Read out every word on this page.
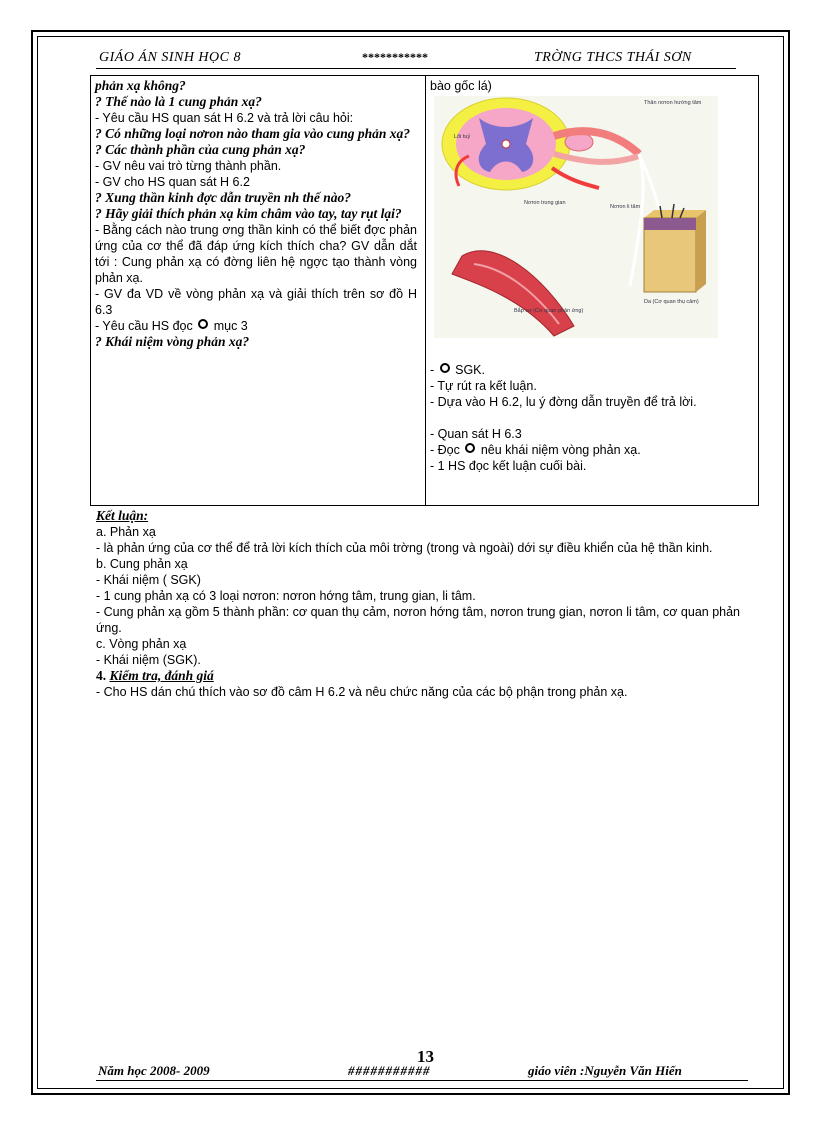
GIÁO ÁN SINH HỌC 8	***********	TRỜNG THCS THÁI SƠN
phản xạ không?
? Thế nào là 1 cung phản xạ?
- Yêu cầu HS quan sát H 6.2 và trả lời câu hỏi:
? Có những loại nơron nào tham gia vào cung phản xạ?
? Các thành phần của cung phản xạ?
- GV nêu vai trò từng thành phần.
- GV cho HS quan sát H 6.2
? Xung thần kinh đợc dẫn truyền nh thế nào?
? Hãy giải thích phản xạ kim châm vào tay, tay rụt lại?
- Bằng cách nào trung ơng thần kinh có thể biết đợc phản ứng của cơ thể đã đáp ứng kích thích cha? GV dẫn dắt tới : Cung phản xạ có đờng liên hệ ngợc tạo thành vòng phản xạ.
- GV đa VD về vòng phản xạ và giải thích trên sơ đồ H 6.3
- Yêu cầu HS đọc mục 3
? Khái niệm vòng phản xạ?
bào gốc lá)
Lõi tuỷ
Thân nơron hướng tâm
Nơron trung gian
Nơron li tâm
Da (Cơ quan thụ cảm)
Bắp cơ (Cơ quan phản ứng)
-  SGK.
- Tự rút ra kết luận.
- Dựa vào H 6.2, lu ý đờng dẫn truyền để trả lời.
- Quan sát H 6.3
- Đọc nêu khái niệm vòng phản xạ.
- 1 HS đọc kết luận cuối bài.
Kết luận:
a. Phản xạ
- là phản ứng của cơ thể để trả lời kích thích của môi trờng (trong và ngoài) dới sự điều khiển của hệ thần kinh.
b. Cung phản xạ
- Khái niệm ( SGK)
- 1 cung phản xạ có 3 loại nơron: nơron hớng tâm, trung gian, li tâm.
- Cung phản xạ gồm 5 thành phần: cơ quan thụ cảm, nơron hớng tâm, nơron trung gian, nơron li tâm, cơ quan phản ứng.
c. Vòng phản xạ
- Khái niệm (SGK).
4. Kiểm tra, đánh giá
- Cho HS dán chú thích vào sơ đồ câm H 6.2 và nêu chức năng của các bộ phận trong phản xạ.
13
Năm học 2008- 2009	###########	giáo viên :Nguyễn Văn Hiến
